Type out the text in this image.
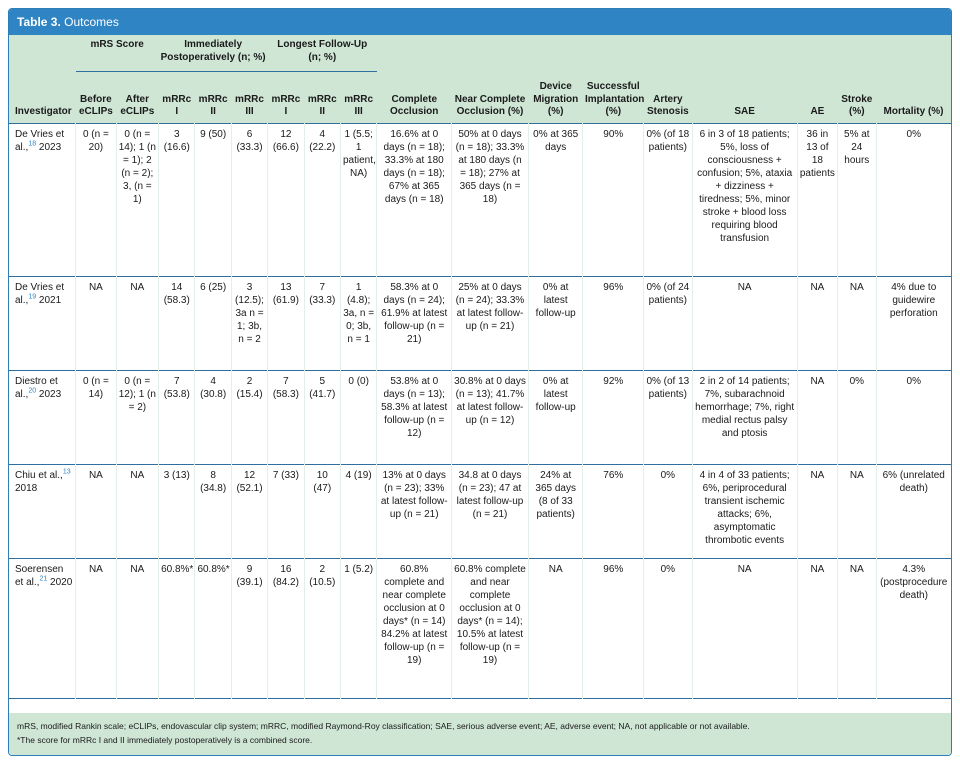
Table 3. Outcomes
	mRS Score		Immediately Postoperatively (n; %)			Longest Follow-Up (n; %)											
Investigator	Before eCLIPs	After eCLIPs	mRRc I	mRRc II	mRRc III	mRRc I	mRRc II	mRRc III	Complete Occlusion	Near Complete Occlusion (%)	Device Migration (%)	Successful Implantation (%)	Artery Stenosis	SAE	AE	Stroke (%)	Mortality (%)
De Vries et al.,$^{18}$ 2023	0 (n = 20)	0 (n = 14); 1 (n = 1); 2 (n = 2); 3, (n = 1)	3 (16.6)	9 (50)	6 (33.3)	12 (66.6)	4 (22.2)	1 (5.5; 1 patient, NA)	16.6% at 0 days (n = 18); 33.3% at 180 days (n = 18); 67% at 365 days (n = 18)	50% at 0 days (n = 18); 33.3% at 180 days (n = 18); 27% at 365 days (n = 18)	0% at 365 days	90%	0% (of 18 patients)	6 in 3 of 18 patients; 5%, loss of consciousness + confusion; 5%, ataxia + dizziness + tiredness; 5%, minor stroke + blood loss requiring blood transfusion	36 in 13 of 18 patients	5% at 24 hours	0%
De Vries et al.,$^{19}$ 2021	NA	NA	14 (58.3)	6 (25)	3 (12.5); 3a n = 1; 3b, n = 2	13 (61.9)	7 (33.3)	1 (4.8); 3a, n = 0; 3b, n = 1	58.3% at 0 days (n = 24); 61.9% at latest follow-up (n = 21)	25% at 0 days (n = 24); 33.3% at latest follow-up (n = 21)	0% at latest follow-up	96%	0% (of 24 patients)	NA	NA	NA	4% due to guidewire perforation
Diestro et al.,$^{20}$ 2023	0 (n = 14)	0 (n = 12); 1 (n = 2)	7 (53.8)	4 (30.8)	2 (15.4)	7 (58.3)	5 (41.7)	0 (0)	53.8% at 0 days (n = 13); 58.3% at latest follow-up (n = 12)	30.8% at 0 days (n = 13); 41.7% at latest follow-up (n = 12)	0% at latest follow-up	92%	0% (of 13 patients)	2 in 2 of 14 patients; 7%, subarachnoid hemorrhage; 7%, right medial rectus palsy and ptosis	NA	0%	0%
Chiu et al.,$^{13}$ 2018	NA	NA	3 (13)	8 (34.8)	12 (52.1)	7 (33)	10 (47)	4 (19)	13% at 0 days (n = 23); 33% at latest follow-up (n = 21)	34.8 at 0 days (n = 23); 47 at latest follow-up (n = 21)	24% at 365 days (8 of 33 patients)	76%	0%	4 in 4 of 33 patients; 6%, periprocedural transient ischemic attacks; 6%, asymptomatic thrombotic events	NA	NA	6% (unrelated death)
Soerensen et al.,$^{21}$ 2020	NA	NA	60.8%*	60.8%*	9 (39.1)	16 (84.2)	2 (10.5)	1 (5.2)	60.8% complete and near complete occlusion at 0 days* (n = 14) 84.2% at latest follow-up (n = 19)	60.8% complete and near complete occlusion at 0 days* (n = 14); 10.5% at latest follow-up (n = 19)	NA	96%	0%	NA	NA	NA	4.3% (postprocedure death)
mRS, modified Rankin scale; eCLIPs, endovascular clip system; mRRC, modified Raymond-Roy classification; SAE, serious adverse event; AE, adverse event; NA, not applicable or not available.
*The score for mRRc I and II immediately postoperatively is a combined score.
